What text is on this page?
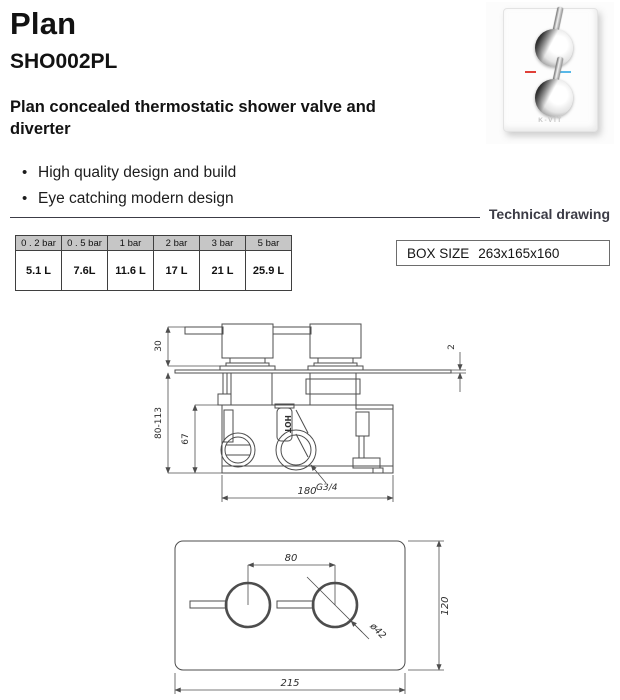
Plan
SHO002PL
Plan concealed thermostatic shower valve and diverter
• High quality design and build
• Eye catching modern design
K-VIT
Technical drawing
0 . 2 bar	0 . 5 bar	1 bar	2 bar	3 bar	5 bar
5.1 L	7.6L	11.6 L	17 L	21 L	25.9 L
BOX SIZE 263x165x160
30
80-113
67
2
180 G3/4
HOT
80
120
215
ø42
